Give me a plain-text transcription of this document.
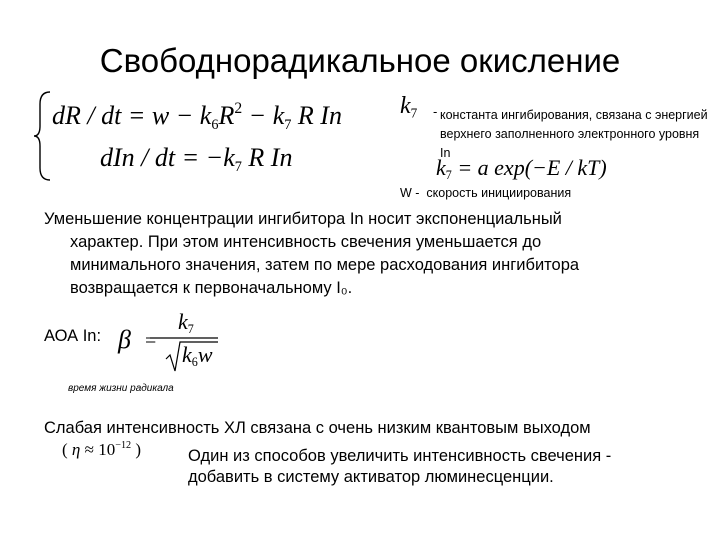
Свободнорадикальное окисление
dR / dt = $w - k_6R^2 - k_7$ R In
dIn / dt = $-k_7$ R In
$k_7$ - константа ингибирования, связана с энергией верхнего заполненного электронного уровня In
$k_7 = a$ exp(−E / kT)
W - скорость инициирования
Уменьшение концентрации ингибитора In носит экспоненциальный
характер. При этом интенсивность свечения уменьшается до
минимального значения, затем по мере расходования ингибитора
возвращается к первоначальному I₀.
АОА In: β =
$k_7$
$k_6w$
время жизни радикала
Слабая интенсивность ХЛ связана с очень низким квантовым выходом
( $\eta \approx 10^{-12}$ )	Один из способов увеличить интенсивность свечения -
добавить в систему активатор люминесценции.
